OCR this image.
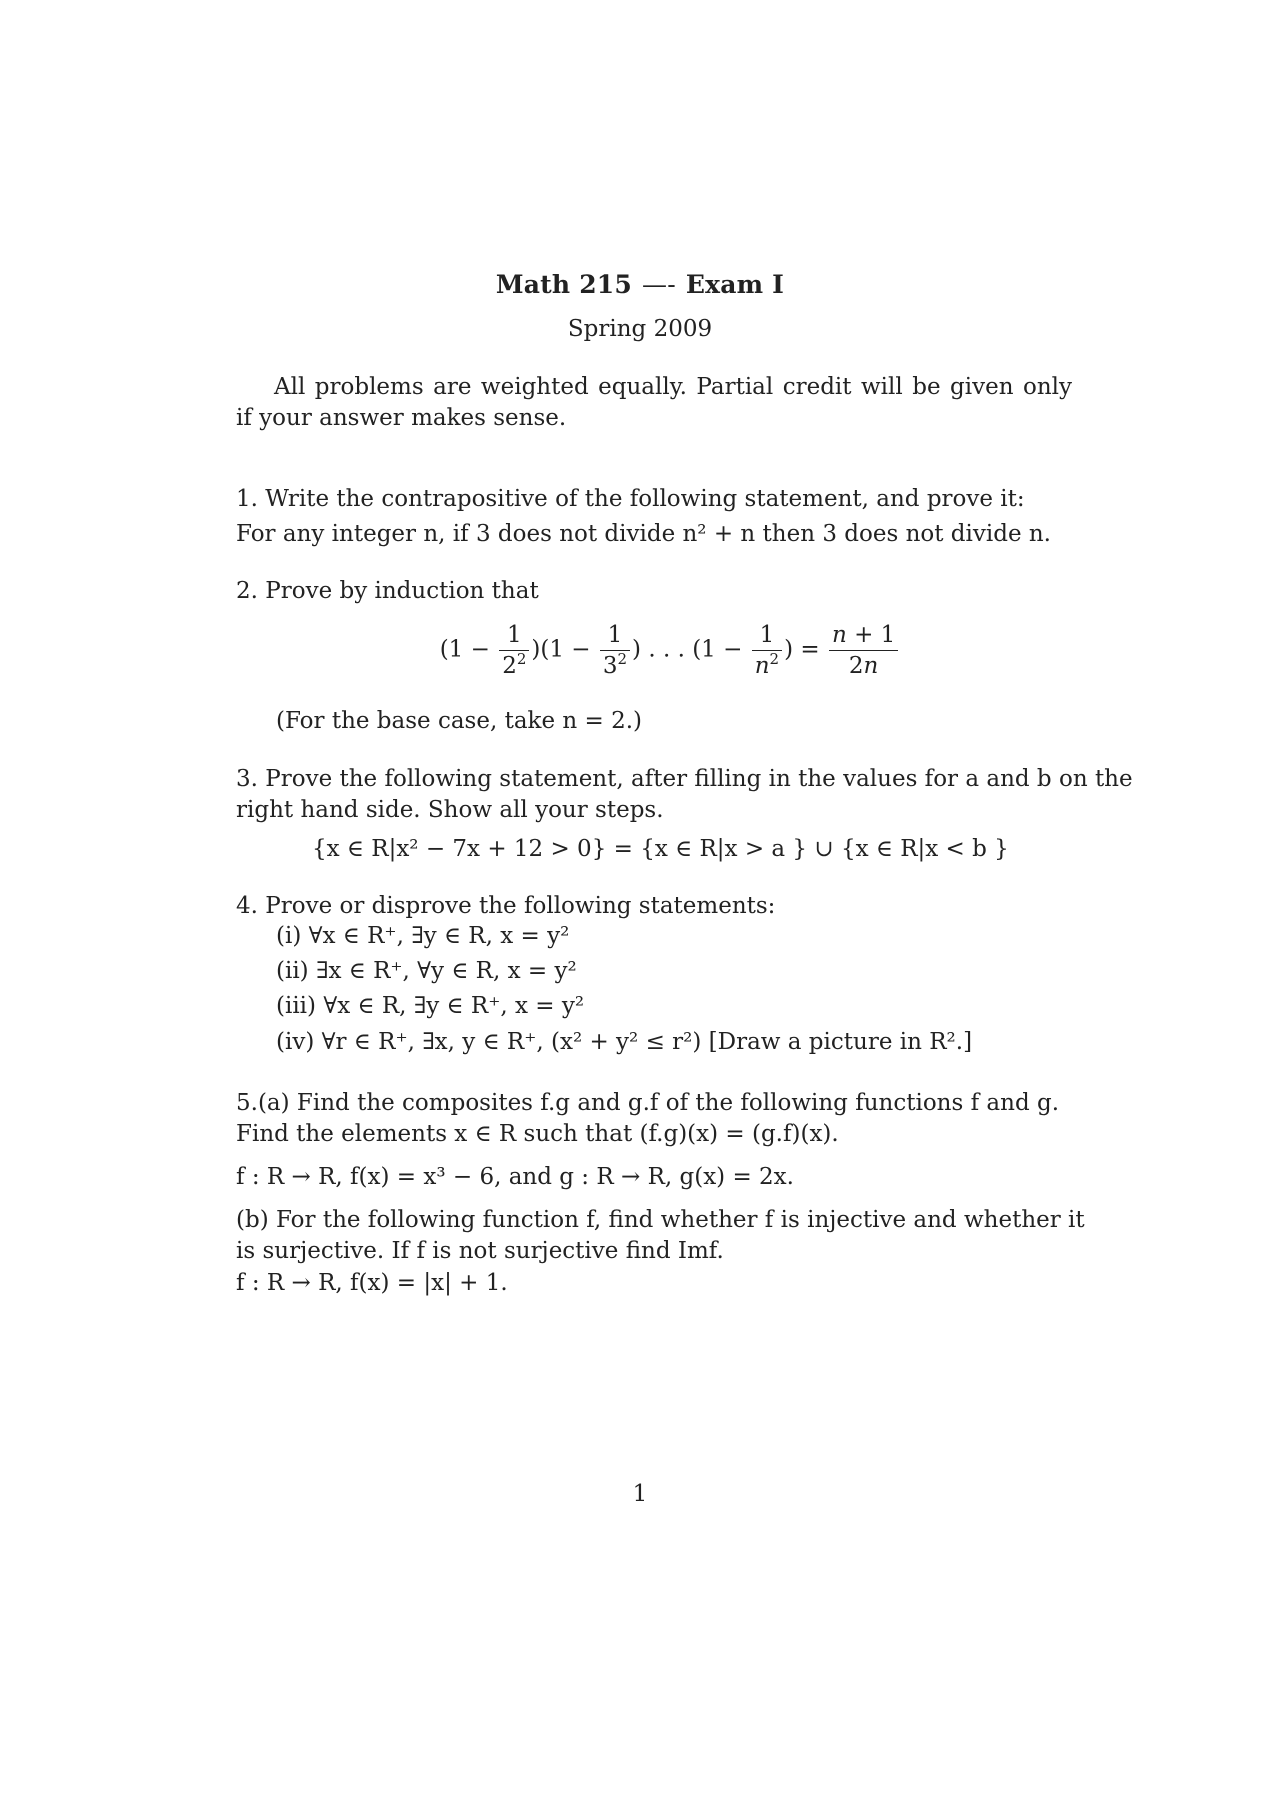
Math 215 —- Exam I
Spring 2009
All problems are weighted equally. Partial credit will be given only if your answer makes sense.
1. Write the contrapositive of the following statement, and prove it:
For any integer n, if 3 does not divide n² + n then 3 does not divide n.
2. Prove by induction that
$(1 - \frac{1}{2^2} )(1 - \frac{1}{3^2}$ ) . . . ($1 - \frac{1}{n^2}$ ) = $\frac{n + 1}{2n}$
(For the base case, take n = 2.)
3. Prove the following statement, after filling in the values for a and b on the
right hand side. Show all your steps.
{x ∈ R|x² − 7x + 12 > 0} = {x ∈ R|x > a } ∪ {x ∈ R|x < b }
4. Prove or disprove the following statements:
(i) ∀x ∈ R⁺, ∃y ∈ R, x = y²
(ii) ∃x ∈ R⁺, ∀y ∈ R, x = y²
(iii) ∀x ∈ R, ∃y ∈ R⁺, x = y²
(iv) ∀r ∈ R⁺, ∃x, y ∈ R⁺, (x² + y² ≤ r²) [Draw a picture in R².]
5.(a) Find the composites f.g and g.f of the following functions f and g.
Find the elements x ∈ R such that (f.g)(x) = (g.f)(x).
f : R → R, f(x) = x³ − 6, and g : R → R, g(x) = 2x.
(b) For the following function f, find whether f is injective and whether it
is surjective. If f is not surjective find Imf.
f : R → R, f(x) = |x| + 1.
1
